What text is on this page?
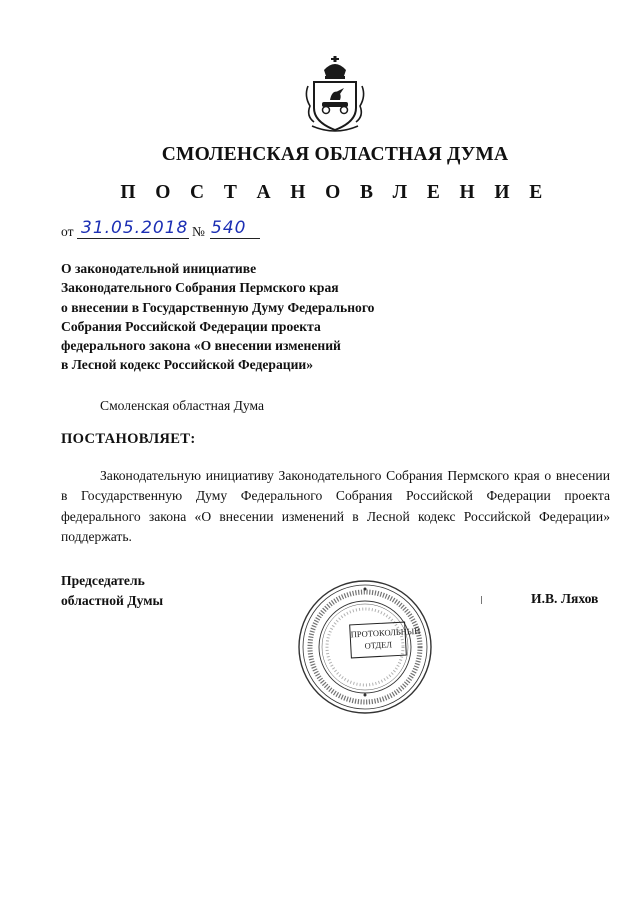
СМОЛЕНСКАЯ ОБЛАСТНАЯ ДУМА
П О С Т А Н О В Л Е Н И Е
от 31.05.2018 № 540
О законодательной инициативе
Законодательного Собрания Пермского края
о внесении в Государственную Думу Федерального
Собрания Российской Федерации проекта
федерального закона «О внесении изменений
в Лесной кодекс Российской Федерации»
Смоленская областная Дума
ПОСТАНОВЛЯЕТ:
Законодательную инициативу Законодательного Собрания Пермского края о внесении в Государственную Думу Федерального Собрания Российской Федерации проекта федерального закона «О внесении изменений в Лесной кодекс Российской Федерации» поддержать.
Председатель
областной Думы	И.В. Ляхов
ПРОТОКОЛЬНЫЙ
ОТДЕЛ
